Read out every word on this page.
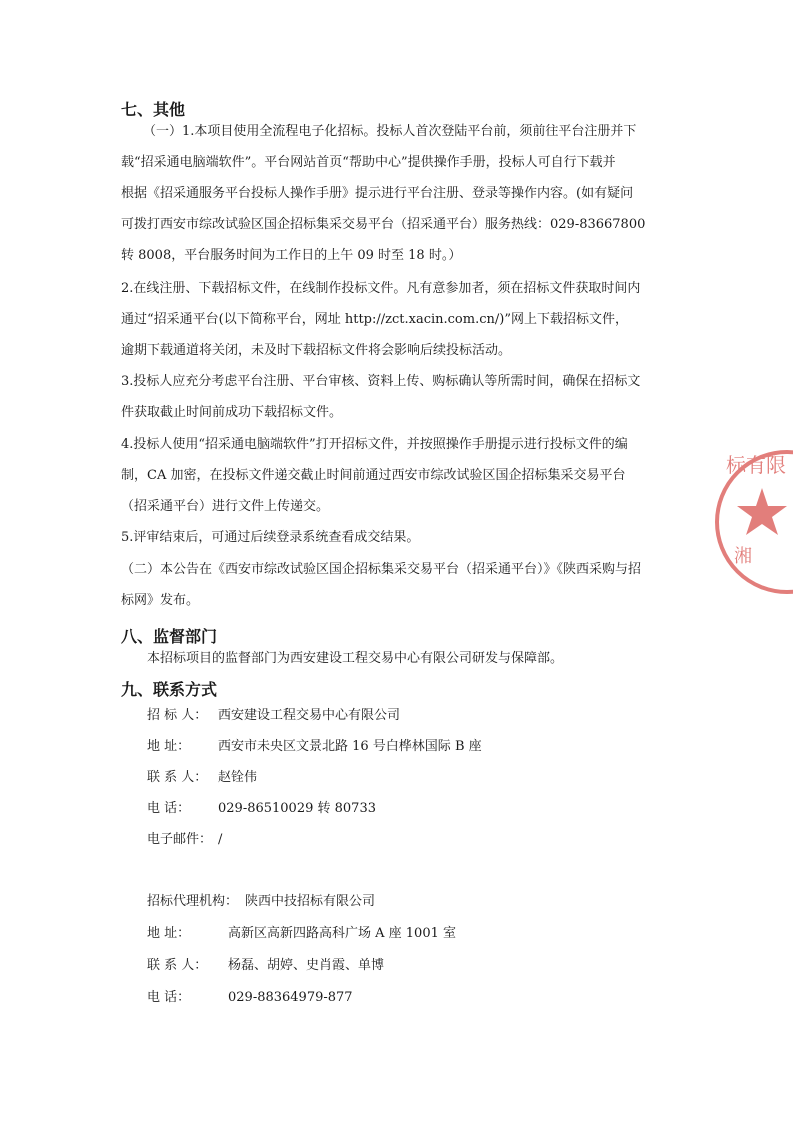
七、其他
（一）1.本项目使用全流程电子化招标。投标人首次登陆平台前，须前往平台注册并下
载“招采通电脑端软件”。平台网站首页“帮助中心”提供操作手册，投标人可自行下载并
根据《招采通服务平台投标人操作手册》提示进行平台注册、登录等操作内容。(如有疑问
可拨打西安市综改试验区国企招标集采交易平台（招采通平台）服务热线：029-83667800
转 8008，平台服务时间为工作日的上午 09 时至 18 时。）
2.在线注册、下载招标文件，在线制作投标文件。凡有意参加者，须在招标文件获取时间内
通过“招采通平台(以下简称平台，网址 http://zct.xacin.com.cn/)”网上下载招标文件，
逾期下载通道将关闭，未及时下载招标文件将会影响后续投标活动。
3.投标人应充分考虑平台注册、平台审核、资料上传、购标确认等所需时间，确保在招标文
件获取截止时间前成功下载招标文件。
4.投标人使用“招采通电脑端软件”打开招标文件，并按照操作手册提示进行投标文件的编
制，CA 加密，在投标文件递交截止时间前通过西安市综改试验区国企招标集采交易平台
（招采通平台）进行文件上传递交。
5.评审结束后，可通过后续登录系统查看成交结果。
（二）本公告在《西安市综改试验区国企招标集采交易平台（招采通平台）》《陕西采购与招
标网》发布。
八、监督部门
本招标项目的监督部门为西安建设工程交易中心有限公司研发与保障部。
九、联系方式
招 标 人： 西安建设工程交易中心有限公司
地 址： 西安市未央区文景北路 16 号白桦林国际 B 座
联 系 人： 赵铨伟
电 话： 029-86510029 转 80733
电子邮件： /
招标代理机构： 陕西中技招标有限公司
地 址：	高新区高新四路高科广场 A 座 1001 室
联 系 人： 杨磊、胡婷、史肖霞、单博
电 话：	029-88364979-877
标有限
湘
